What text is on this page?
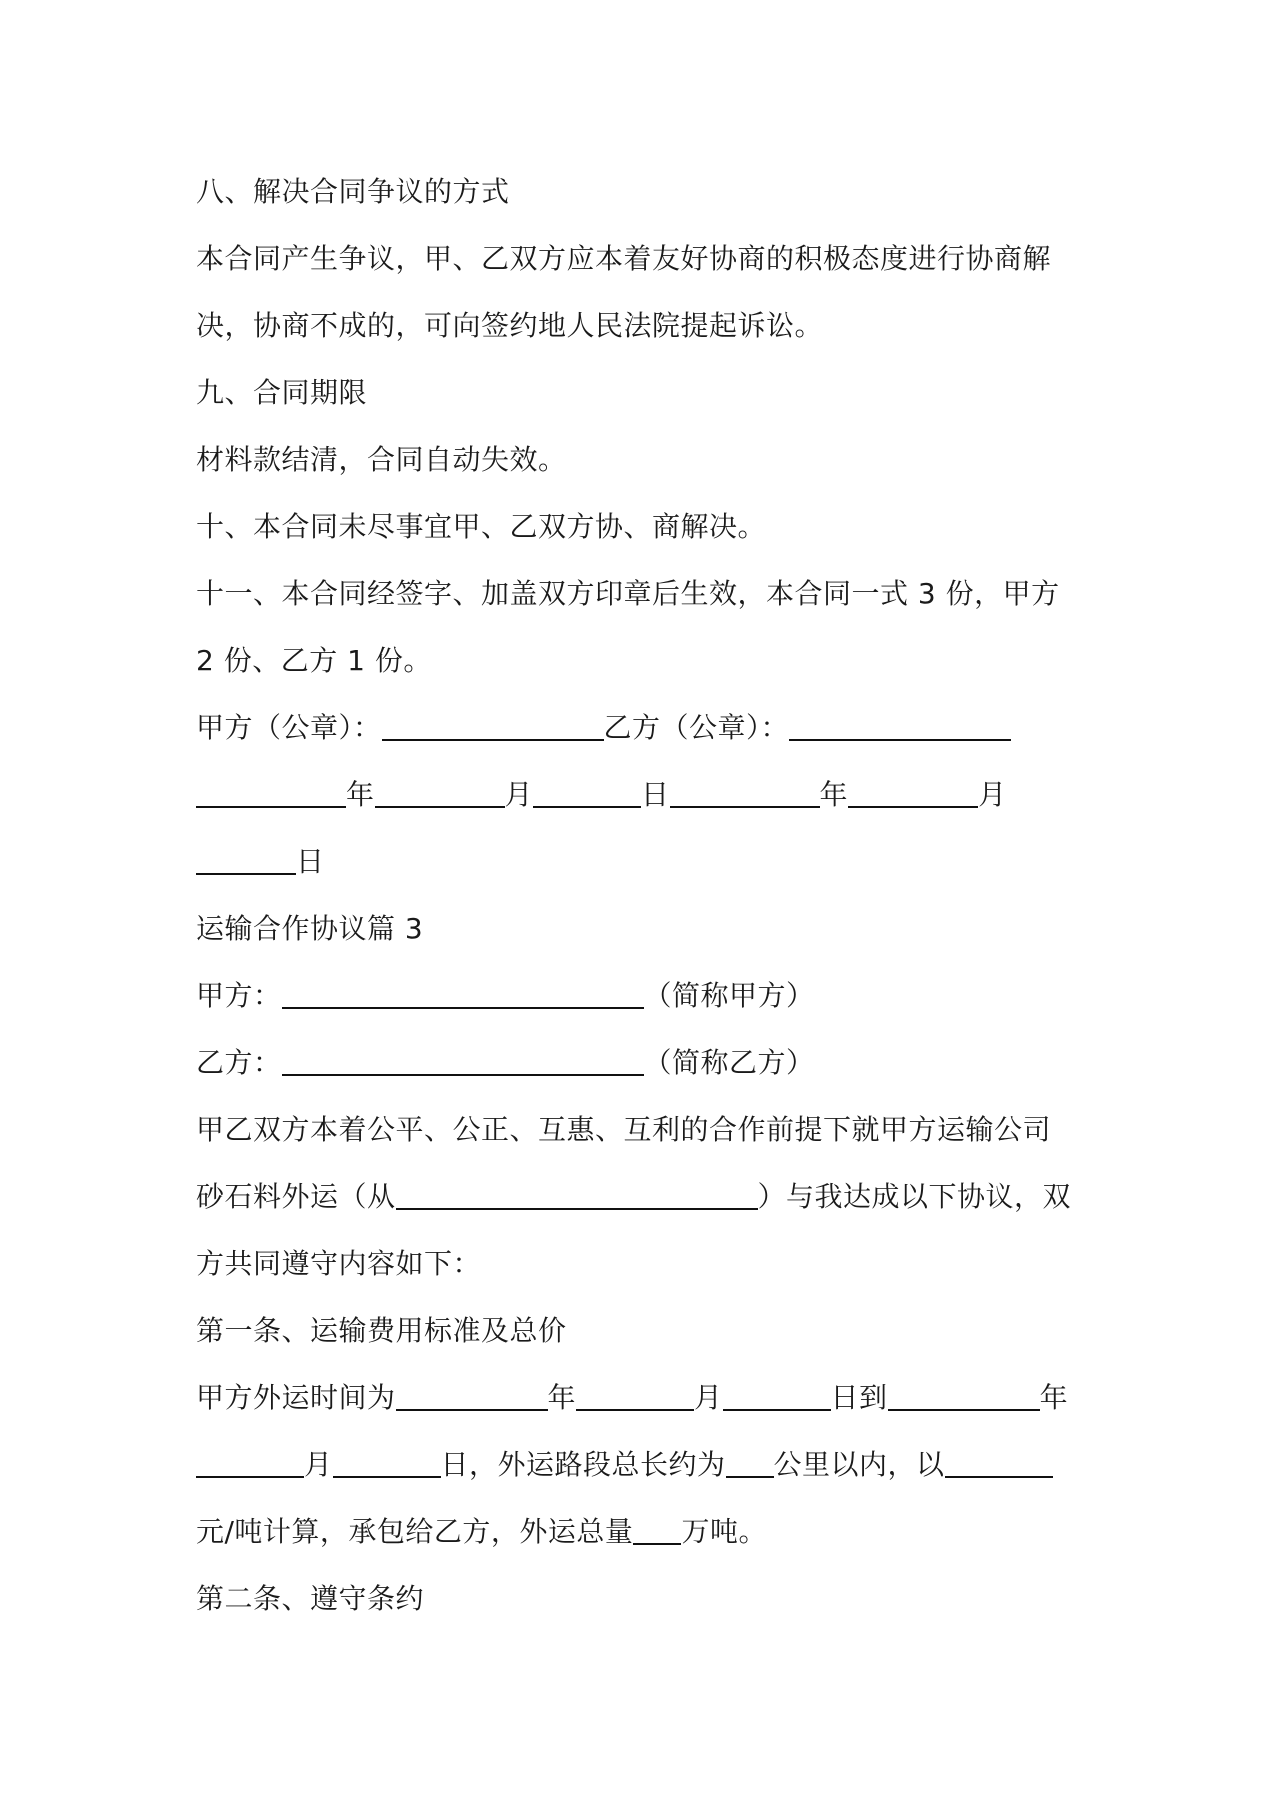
八、解决合同争议的方式
本合同产生争议，甲、乙双方应本着友好协商的积极态度进行协商解
决，协商不成的，可向签约地人民法院提起诉讼。
九、合同期限
材料款结清，合同自动失效。
十、本合同未尽事宜甲、乙双方协、商解决。
十一、本合同经签字、加盖双方印章后生效，本合同一式 3 份，甲方
2 份、乙方 1 份。
甲方（公章）：	乙方（公章）：
年	月	日	年	月
日
运输合作协议篇 3
甲方：	（简称甲方）
乙方：	（简称乙方）
甲乙双方本着公平、公正、互惠、互利的合作前提下就甲方运输公司
砂石料外运（从	）与我达成以下协议，双
方共同遵守内容如下：
第一条、运输费用标准及总价
甲方外运时间为	年	月	日到	年
月	日，外运路段总长约为 公里以内，以
元/吨计算，承包给乙方，外运总量 万吨。
第二条、遵守条约
